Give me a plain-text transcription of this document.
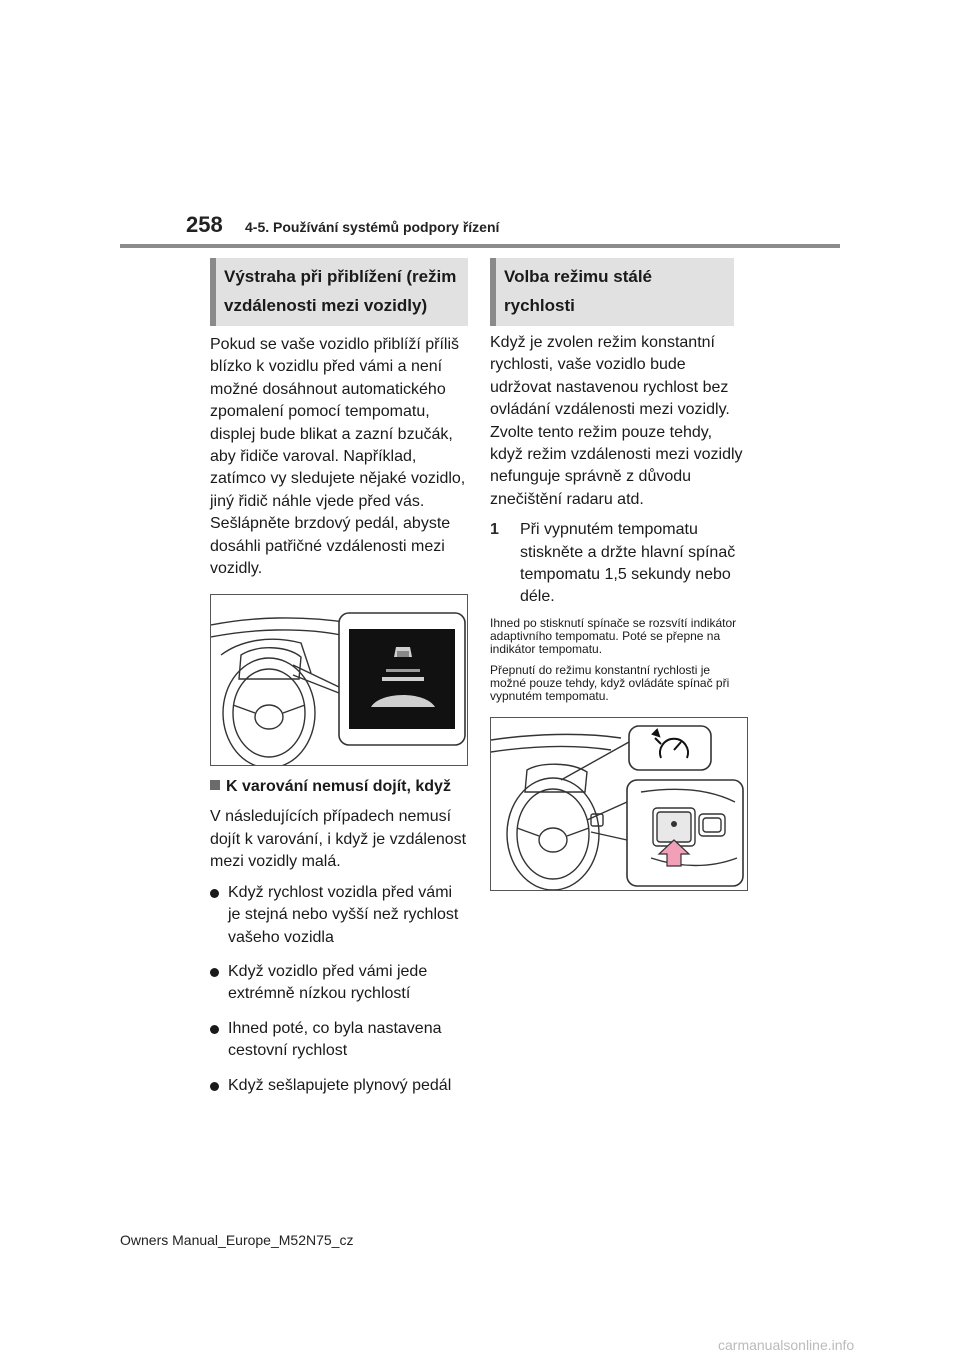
258 4-5. Používání systémů podpory řízení
Výstraha při přiblížení (režim vzdálenosti mezi vozidly)

Pokud se vaše vozidlo přiblíží příliš blízko k vozidlu před vámi a není možné dosáhnout automatického zpomalení pomocí tempomatu, displej bude blikat a zazní bzučák, aby řidiče varoval. Například, zatímco vy sledujete nějaké vozidlo, jiný řidič náhle vjede před vás. Sešlápněte brzdový pedál, abyste dosáhli patřičné vzdálenosti mezi vozidly.

K varování nemusí dojít, když

V následujících případech nemusí dojít k varování, i když je vzdálenost mezi vozidly malá.

Když rychlost vozidla před vámi je stejná nebo vyšší než rychlost vašeho vozidla
Když vozidlo před vámi jede extrémně nízkou rychlostí
Ihned poté, co byla nastavena cestovní rychlost
Když sešlapujete plynový pedál
Volba režimu stálé rychlosti

Když je zvolen režim konstantní rychlosti, vaše vozidlo bude udržovat nastavenou rychlost bez ovládání vzdálenosti mezi vozidly. Zvolte tento režim pouze tehdy, když režim vzdálenosti mezi vozidly nefunguje správně z důvodu znečištění radaru atd.

1 Při vypnutém tempomatu stiskněte a držte hlavní spínač tempomatu 1,5 sekundy nebo déle.
Ihned po stisknutí spínače se rozsvítí indikátor adaptivního tempomatu. Poté se přepne na indikátor tempomatu.
Přepnutí do režimu konstantní rychlosti je možné pouze tehdy, když ovládáte spínač při vypnutém tempomatu.
Owners Manual_Europe_M52N75_cz
carmanualsonline.info
